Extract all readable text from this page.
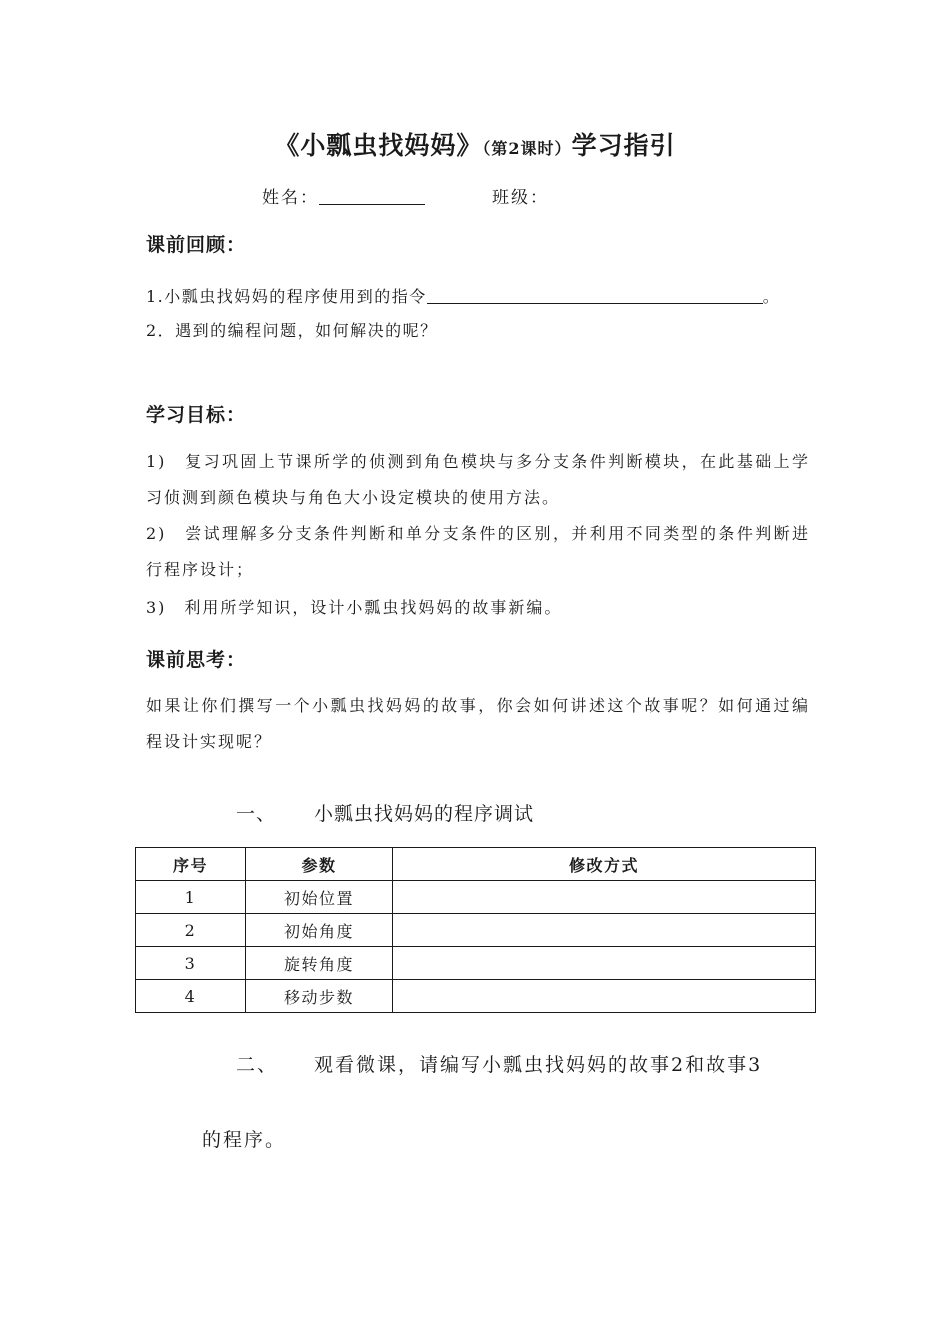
《小瓢虫找妈妈》（第2课时）学习指引
姓名：	班级：
课前回顾：
1.小瓢虫找妈妈的程序使用到的指令	。
2．遇到的编程问题，如何解决的呢？
学习目标：
1)　复习巩固上节课所学的侦测到角色模块与多分支条件判断模块，在此基础上学习侦测到颜色模块与角色大小设定模块的使用方法。
2)　尝试理解多分支条件判断和单分支条件的区别，并利用不同类型的条件判断进行程序设计；
3)　利用所学知识，设计小瓢虫找妈妈的故事新编。
课前思考：
如果让你们撰写一个小瓢虫找妈妈的故事，你会如何讲述这个故事呢？如何通过编程设计实现呢？
一、 小瓢虫找妈妈的程序调试
序号	参数	修改方式
1	初始位置	
2	初始角度	
3	旋转角度	
4	移动步数	
二、 观看微课，请编写小瓢虫找妈妈的故事2和故事3
的程序。
